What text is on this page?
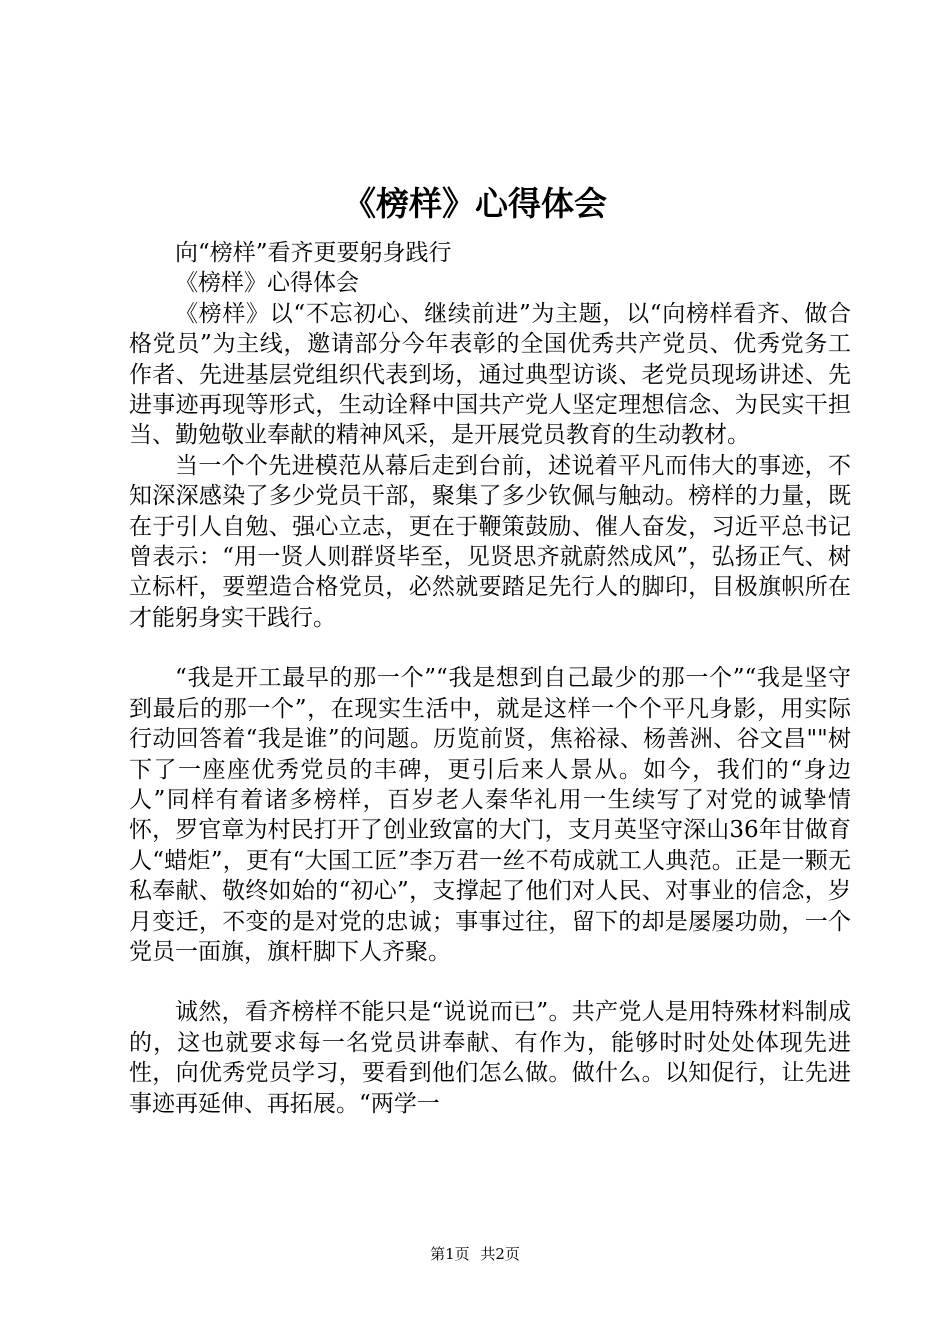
《榜样》心得体会

向“榜样”看齐更要躬身践行

《榜样》心得体会

《榜样》以“不忘初心、继续前进”为主题，以“向榜样看齐、做合格党员”为主线，邀请部分今年表彰的全国优秀共产党员、优秀党务工作者、先进基层党组织代表到场，通过典型访谈、老党员现场讲述、先进事迹再现等形式，生动诠释中国共产党人坚定理想信念、为民实干担当、勤勉敬业奉献的精神风采，是开展党员教育的生动教材。

当一个个先进模范从幕后走到台前，述说着平凡而伟大的事迹，不知深深感染了多少党员干部，聚集了多少钦佩与触动。榜样的力量，既在于引人自勉、强心立志，更在于鞭策鼓励、催人奋发，习近平总书记曾表示：“用一贤人则群贤毕至，见贤思齐就蔚然成风”，弘扬正气、树立标杆，要塑造合格党员，必然就要踏足先行人的脚印，目极旗帜所在才能躬身实干践行。

“我是开工最早的那一个”“我是想到自己最少的那一个”“我是坚守到最后的那一个”，在现实生活中，就是这样一个个平凡身影，用实际行动回答着“我是谁”的问题。历览前贤，焦裕禄、杨善洲、谷文昌""树下了一座座优秀党员的丰碑，更引后来人景从。如今，我们的“身边人”同样有着诸多榜样，百岁老人秦华礼用一生续写了对党的诚挚情怀，罗官章为村民打开了创业致富的大门，支月英坚守深山36年甘做育人“蜡炬”，更有“大国工匠”李万君一丝不苟成就工人典范。正是一颗无私奉献、敬终如始的“初心”，支撑起了他们对人民、对事业的信念，岁月变迁，不变的是对党的忠诚；事事过往，留下的却是屡屡功勋，一个党员一面旗，旗杆脚下人齐聚。

诚然，看齐榜样不能只是“说说而已”。共产党人是用特殊材料制成的，这也就要求每一名党员讲奉献、有作为，能够时时处处体现先进性，向优秀党员学习，要看到他们怎么做。做什么。以知促行，让先进事迹再延伸、再拓展。“两学一

第1页 共2页
